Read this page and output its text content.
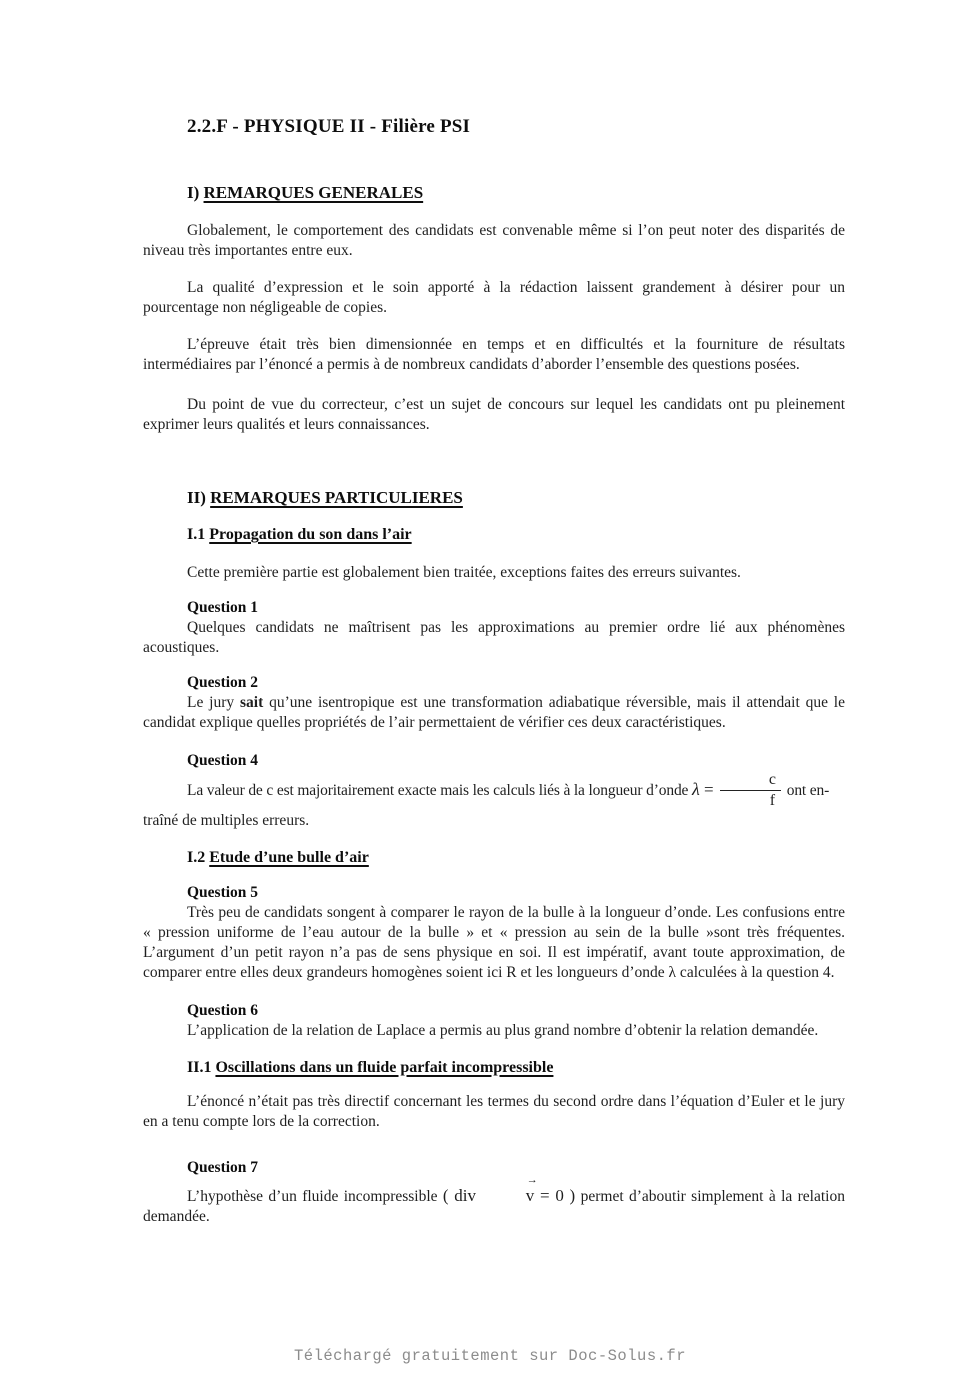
2.2.F - PHYSIQUE II - Filière PSI
I) REMARQUES GENERALES

Globalement, le comportement des candidats est convenable même si l’on peut noter des disparités de niveau très importantes entre eux.

La qualité d’expression et le soin apporté à la rédaction laissent grandement à désirer pour un pourcentage non négligeable de copies.

L’épreuve était très bien dimensionnée en temps et en difficultés et la fourniture de résultats intermédiaires par l’énoncé a permis à de nombreux candidats d’aborder l’ensemble des questions posées.

Du point de vue du correcteur, c’est un sujet de concours sur lequel les candidats ont pu pleinement exprimer leurs qualités et leurs connaissances.

II) REMARQUES PARTICULIERES
I.1 Propagation du son dans l’air

Cette première partie est globalement bien traitée, exceptions faites des erreurs suivantes.

Question 1

Quelques candidats ne maîtrisent pas les approximations au premier ordre lié aux phénomènes acoustiques.

Question 2

Le jury sait qu’une isentropique est une transformation adiabatique réversible, mais il attendait que le candidat explique quelles propriétés de l’air permettaient de vérifier ces deux caractéristiques.

Question 4

La valeur de c est majoritairement exacte mais les calculs liés à la longueur d’onde $\lambda = \frac{c}{f}$ ont en-

traîné de multiples erreurs.

I.2 Etude d’une bulle d’air
Question 5

Très peu de candidats songent à comparer le rayon de la bulle à la longueur d’onde. Les confusions entre « pression uniforme de l’eau autour de la bulle » et « pression au sein de la bulle »sont très fréquentes. L’argument d’un petit rayon n’a pas de sens physique en soi. Il est impératif, avant toute approximation, de comparer entre elles deux grandeurs homogènes soient ici R et les longueurs d’onde λ calculées à la question 4.

Question 6

L’application de la relation de Laplace a permis au plus grand nombre d’obtenir la relation demandée.

II.1 Oscillations dans un fluide parfait incompressible

L’énoncé n’était pas très directif concernant les termes du second ordre dans l’équation d’Euler et le jury en a tenu compte lors de la correction.

Question 7

L’hypothèse d’un fluide incompressible ( div
→
v = 0 ) permet d’aboutir simplement à la relation demandée.

Téléchargé gratuitement sur Doc-Solus.fr
